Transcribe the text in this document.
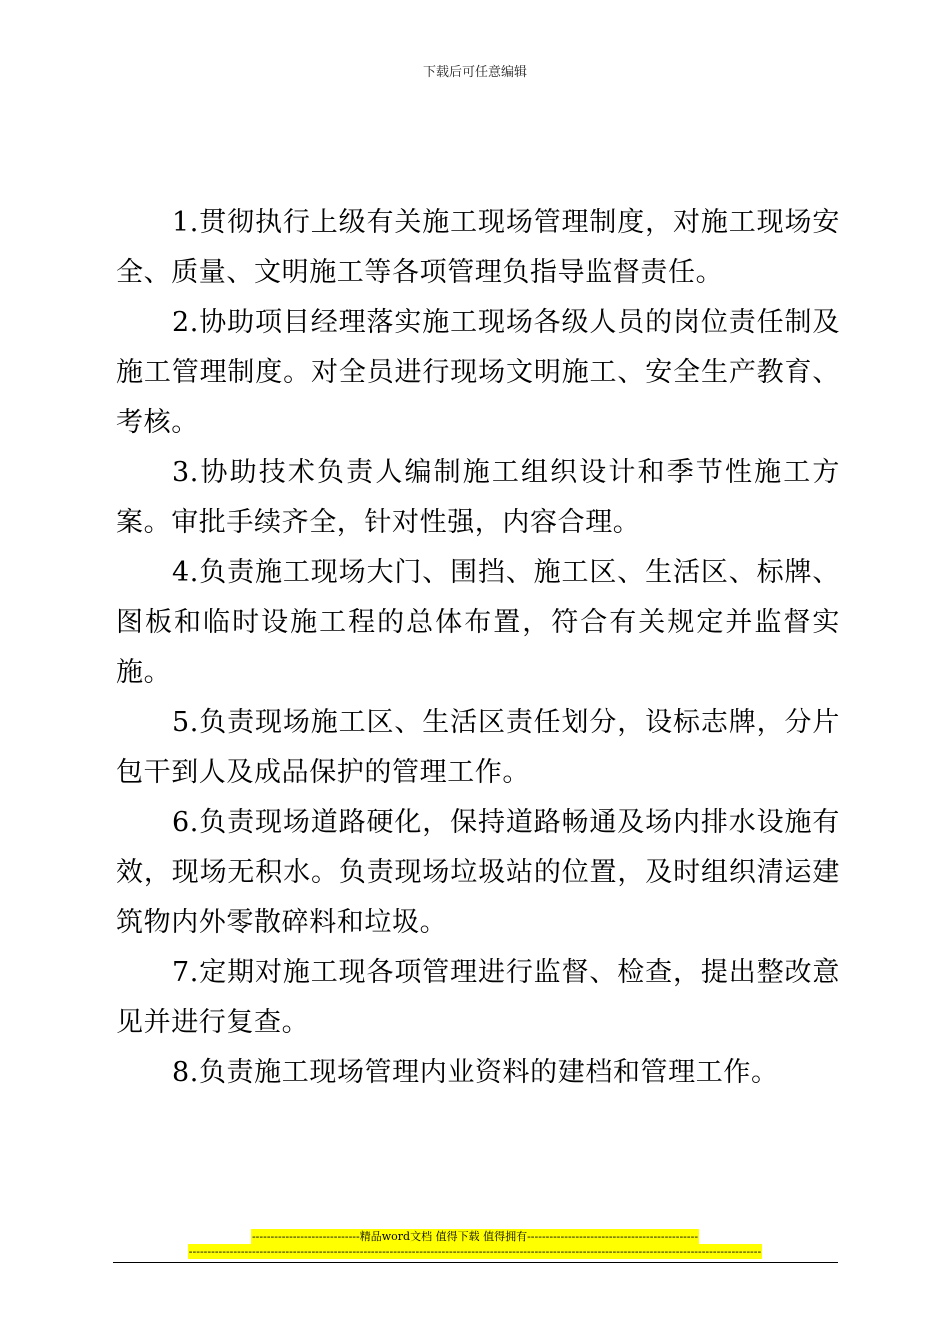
下载后可任意编辑

1.贯彻执行上级有关施工现场管理制度，对施工现场安全、质量、文明施工等各项管理负指导监督责任。

2.协助项目经理落实施工现场各级人员的岗位责任制及施工管理制度。对全员进行现场文明施工、安全生产教育、考核。

3.协助技术负责人编制施工组织设计和季节性施工方案。审批手续齐全，针对性强，内容合理。

4.负责施工现场大门、围挡、施工区、生活区、标牌、图板和临时设施工程的总体布置，符合有关规定并监督实施。

5.负责现场施工区、生活区责任划分，设标志牌，分片包干到人及成品保护的管理工作。

6.负责现场道路硬化，保持道路畅通及场内排水设施有效，现场无积水。负责现场垃圾站的位置，及时组织清运建筑物内外零散碎料和垃圾。

7.定期对施工现各项管理进行监督、检查，提出整改意见并进行复查。

8.负责施工现场管理内业资料的建档和管理工作。

-----------------------------精品word文档 值得下载 值得拥有----------------------------------------------
----------------------------------------------------------------------------------------------------------------------------------------------------------
